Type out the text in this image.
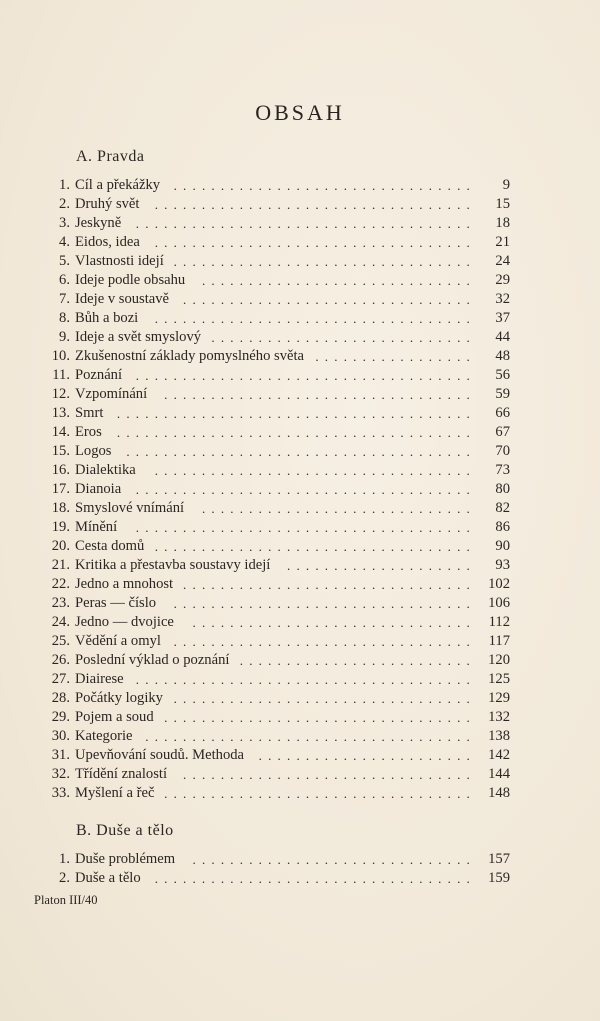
OBSAH
A. Pravda
1. Cíl a překážky	................................	9
2. Druhý svět	..................................	15
3. Jeskyně	....................................	18
4. Eidos, idea	..................................	21
5. Vlastnosti idejí ................................	24
6. Ideje podle obsahu	.............................	29
7. Ideje v soustavě	...............................	32
8. Bůh a bozi	..................................	37
9. Ideje a svět smyslový ............................	44
10. Zkušenostní základy pomyslného světa .................	48
11. Poznání	....................................	56
12. Vzpomínání	.................................	59
13. Smrt	......................................	66
14. Eros	......................................	67
15. Logos	.....................................	70
16. Dialektika	..................................	73
17. Dianoia	....................................	80
18. Smyslové vnímání	.............................	82
19. Mínění	....................................	86
20. Cesta domů ..................................	90
21. Kritika a přestavba soustavy idejí	....................	93
22. Jedno a mnohost ............................... 102
23. Peras — číslo	................................ 106
24. Jedno — dvojice	.............................. 112
25. Vědění a omyl ................................ 117
26. Poslední výklad o poznání ......................... 120
27. Diairese .................................... 125
28. Počátky logiky ................................ 129
29. Pojem a soud ................................. 132
30. Kategorie ................................... 138
31. Upevňování soudů. Methoda	....................... 142
32. Třídění znalostí	............................... 144
33. Myšlení a řeč ................................. 148
B. Duše a tělo
1. Duše problémem	.............................. 157
2. Duše a tělo	.................................. 159
Platon III/40
